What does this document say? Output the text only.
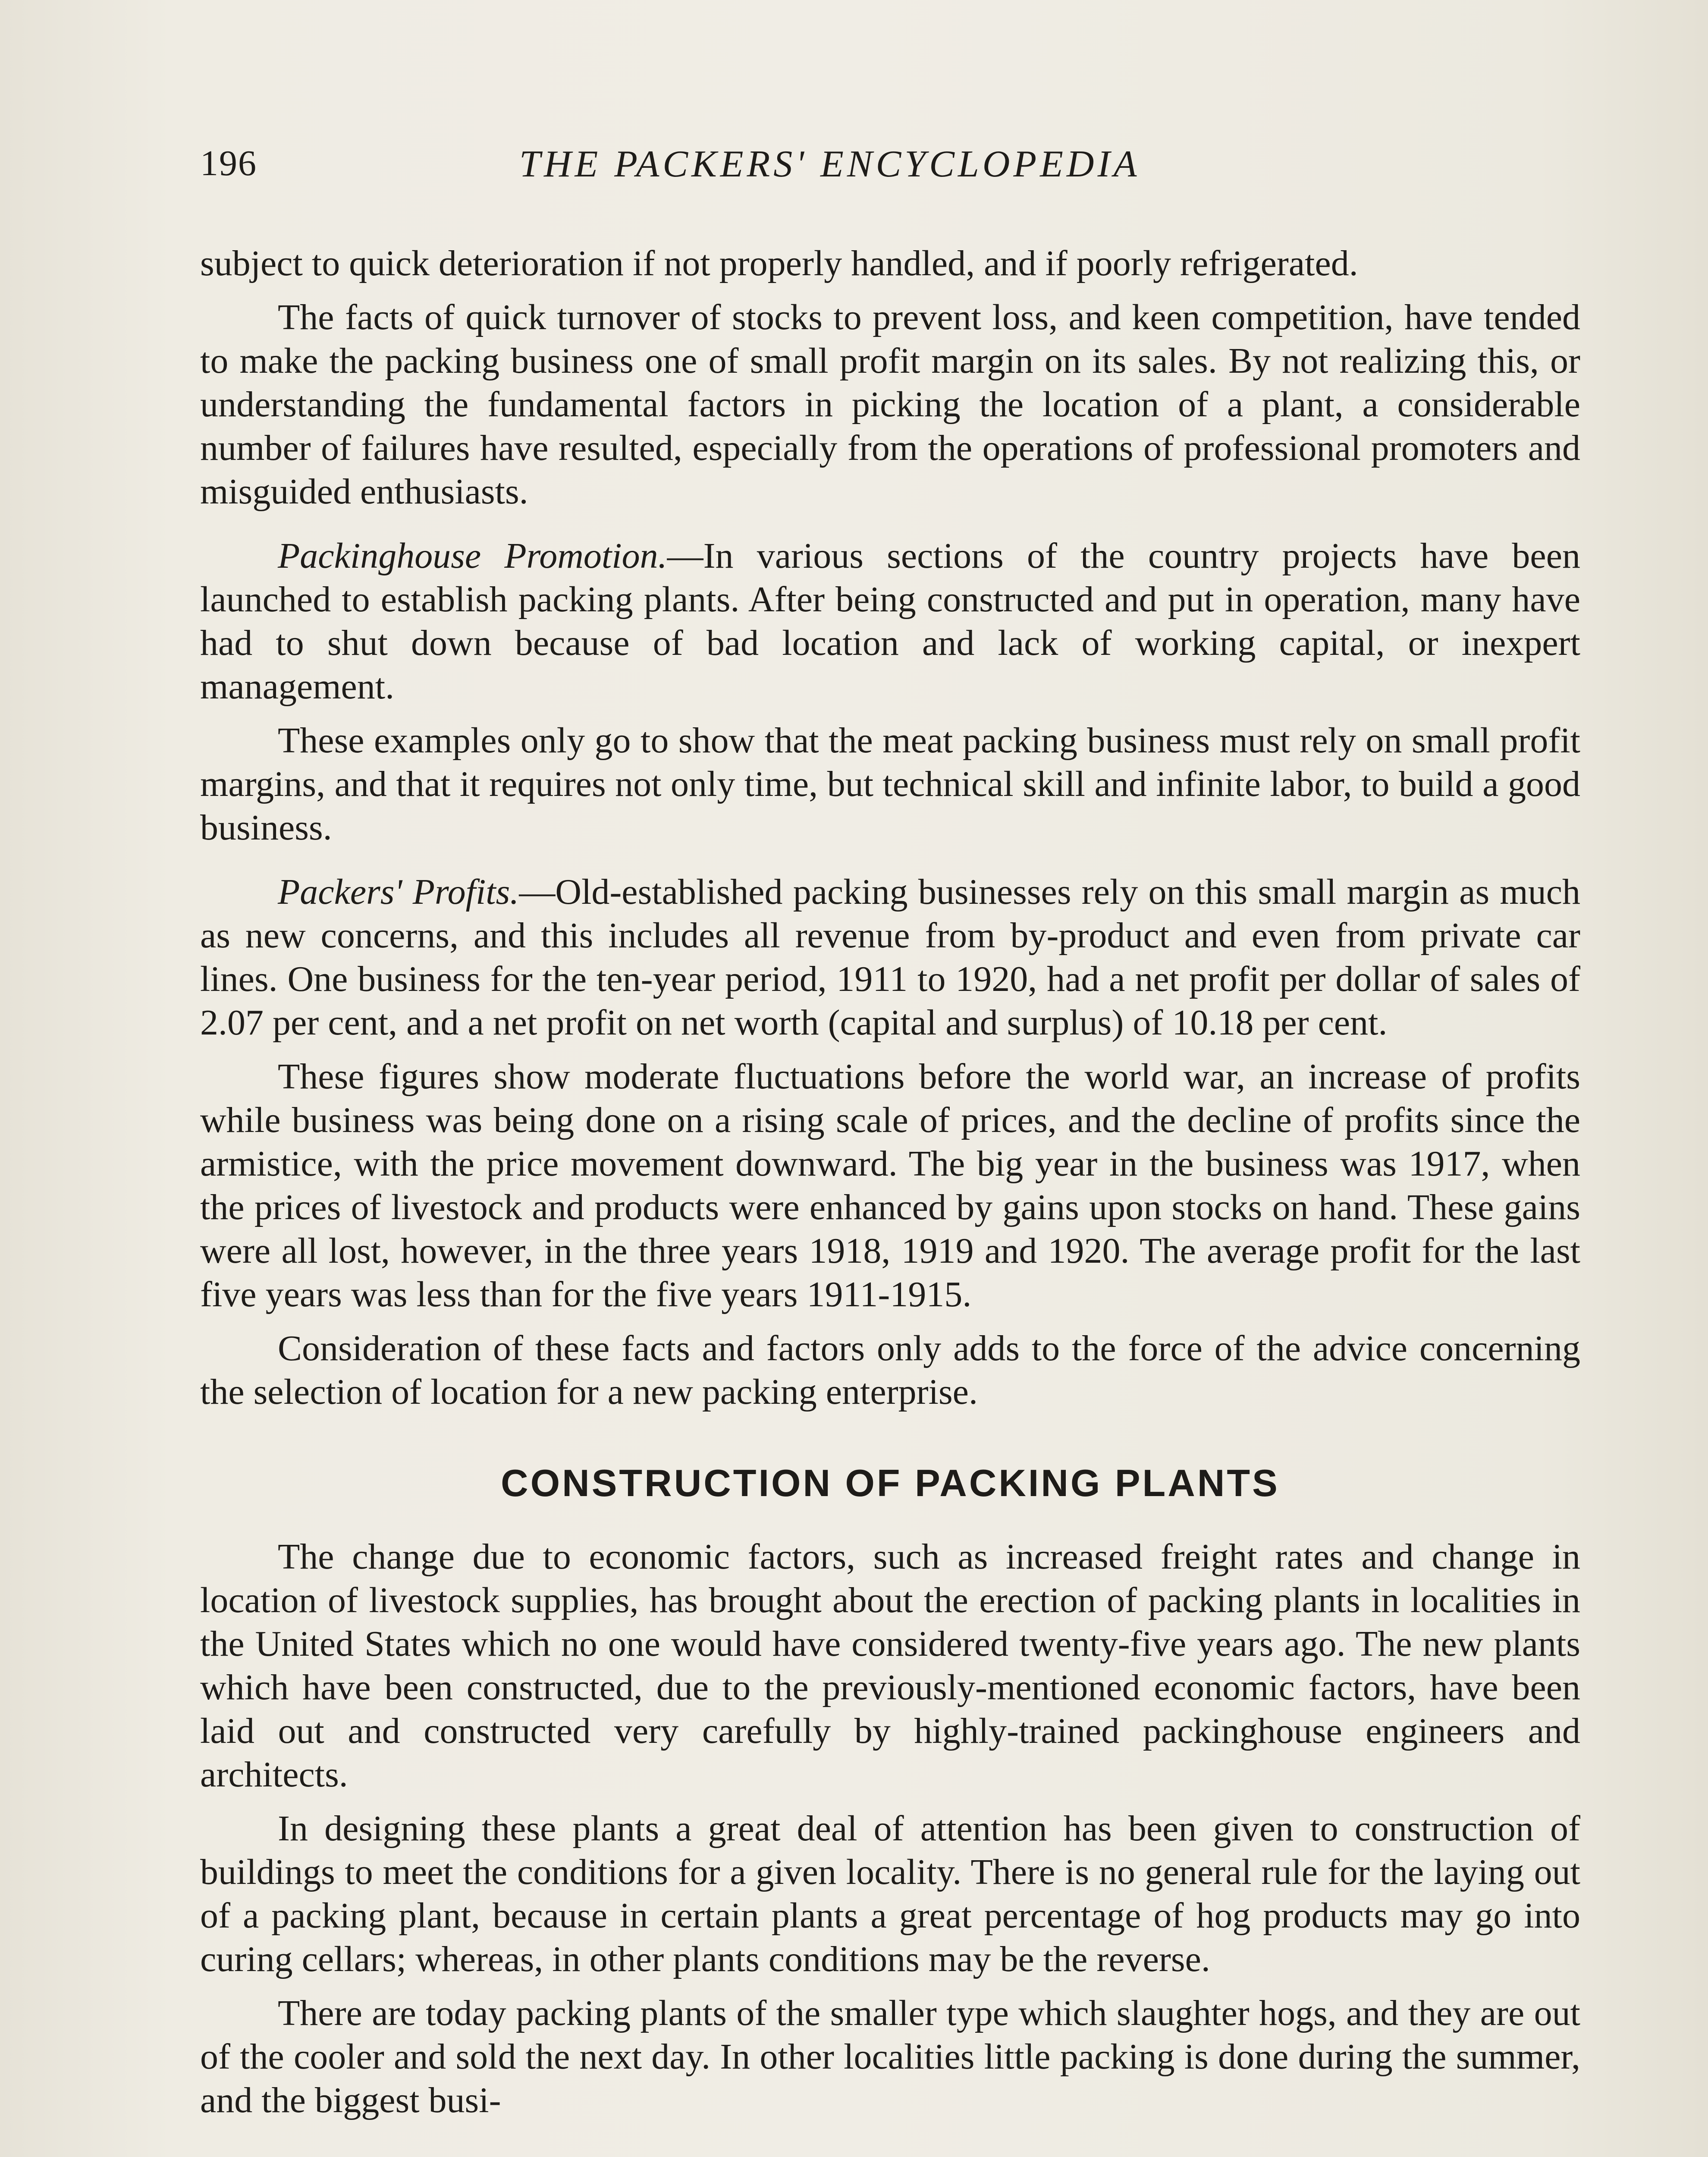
196	THE PACKERS' ENCYCLOPEDIA

subject to quick deterioration if not properly handled, and if poorly refrigerated.

The facts of quick turnover of stocks to prevent loss, and keen competition, have tended to make the packing business one of small profit margin on its sales. By not realizing this, or understanding the fundamental factors in picking the location of a plant, a considerable number of failures have resulted, especially from the operations of professional promoters and misguided enthusiasts.

Packinghouse Promotion.—In various sections of the country projects have been launched to establish packing plants. After being constructed and put in operation, many have had to shut down because of bad location and lack of working capital, or inexpert management.

These examples only go to show that the meat packing business must rely on small profit margins, and that it requires not only time, but technical skill and infinite labor, to build a good business.

Packers' Profits.—Old-established packing businesses rely on this small margin as much as new concerns, and this includes all revenue from by-product and even from private car lines. One business for the ten-year period, 1911 to 1920, had a net profit per dollar of sales of 2.07 per cent, and a net profit on net worth (capital and surplus) of 10.18 per cent.

These figures show moderate fluctuations before the world war, an increase of profits while business was being done on a rising scale of prices, and the decline of profits since the armistice, with the price movement downward. The big year in the business was 1917, when the prices of livestock and products were enhanced by gains upon stocks on hand. These gains were all lost, however, in the three years 1918, 1919 and 1920. The average profit for the last five years was less than for the five years 1911-1915.

Consideration of these facts and factors only adds to the force of the advice concerning the selection of location for a new packing enterprise.

CONSTRUCTION OF PACKING PLANTS

The change due to economic factors, such as increased freight rates and change in location of livestock supplies, has brought about the erection of packing plants in localities in the United States which no one would have considered twenty-five years ago. The new plants which have been constructed, due to the previously-mentioned economic factors, have been laid out and constructed very carefully by highly-trained packinghouse engineers and architects.

In designing these plants a great deal of attention has been given to construction of buildings to meet the conditions for a given locality. There is no general rule for the laying out of a packing plant, because in certain plants a great percentage of hog products may go into curing cellars; whereas, in other plants conditions may be the reverse.

There are today packing plants of the smaller type which slaughter hogs, and they are out of the cooler and sold the next day. In other localities little packing is done during the summer, and the biggest busi-
